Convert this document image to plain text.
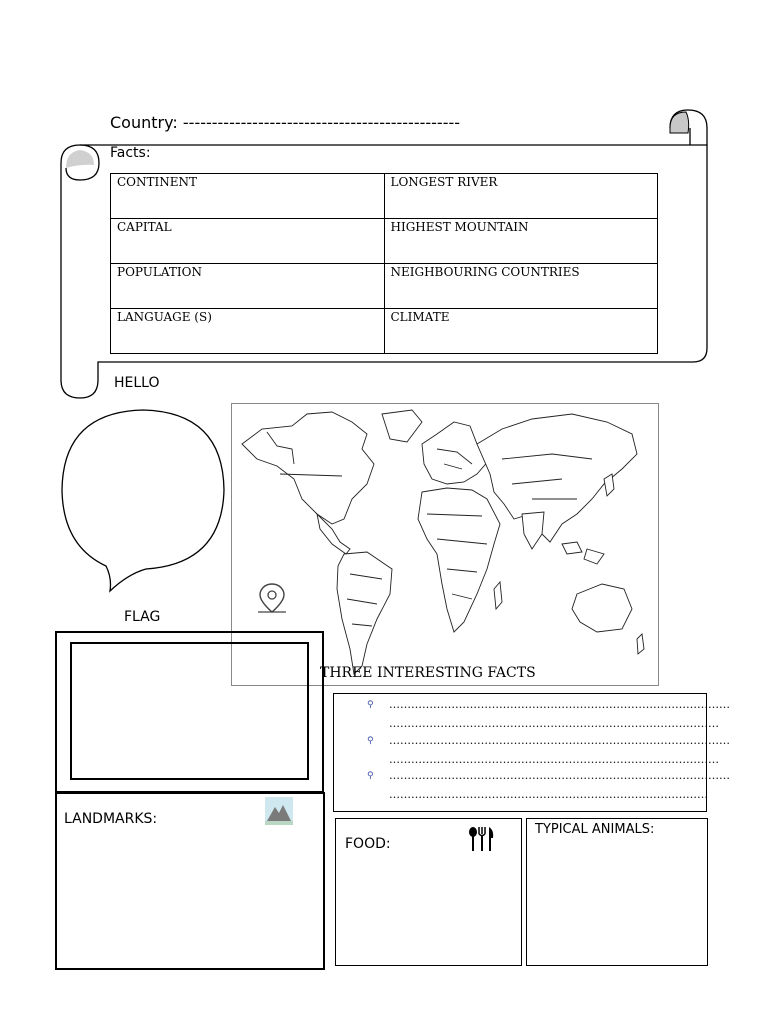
Country: ------------------------------------------------
Facts:
CONTINENT	LONGEST RIVER
CAPITAL	HIGHEST MOUNTAIN
POPULATION	NEIGHBOURING COUNTRIES
LANGUAGE (S)	CLIMATE
HELLO
FLAG
THREE INTERESTING FACTS
⚲ …………………………………………………………………………………
………………………………………………………………………………
⚲ …………………………………………………………………………………
………………………………………………………………………………
⚲ …………………………………………………………………………………
……………………………………………………………………………
LANDMARKS:
FOOD:
TYPICAL ANIMALS:
